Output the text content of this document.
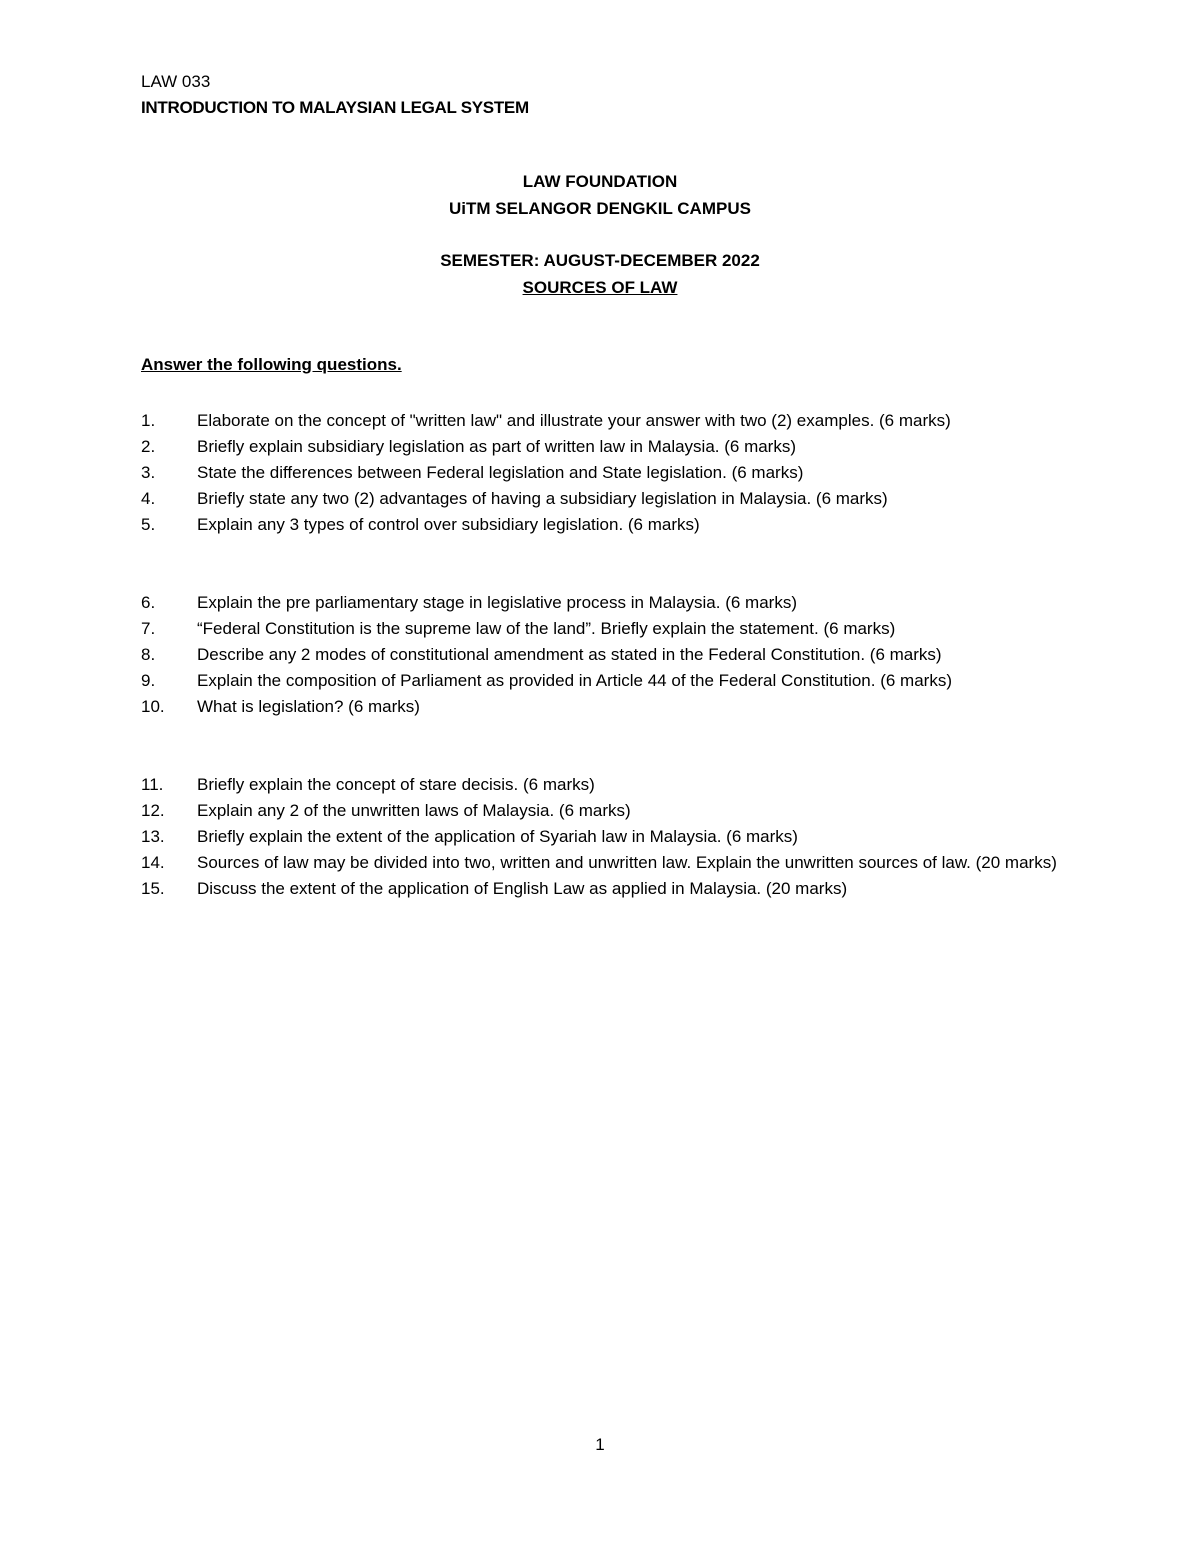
LAW 033
INTRODUCTION TO MALAYSIAN LEGAL SYSTEM
LAW FOUNDATION
UiTM SELANGOR DENGKIL CAMPUS
SEMESTER: AUGUST-DECEMBER 2022
SOURCES OF LAW
Answer the following questions.
1.	Elaborate on the concept of "written law" and illustrate your answer with two (2) examples. (6 marks)
2.	Briefly explain subsidiary legislation as part of written law in Malaysia. (6 marks)
3.	State the differences between Federal legislation and State legislation. (6 marks)
4.	Briefly state any two (2) advantages of having a subsidiary legislation in Malaysia. (6 marks)
5.	Explain any 3 types of control over subsidiary legislation. (6 marks)
6.	Explain the pre parliamentary stage in legislative process in Malaysia. (6 marks)
7.	“Federal Constitution is the supreme law of the land”. Briefly explain the statement. (6 marks)
8.	Describe any 2 modes of constitutional amendment as stated in the Federal Constitution. (6 marks)
9.	Explain the composition of Parliament as provided in Article 44 of the Federal Constitution. (6 marks)
10.	What is legislation? (6 marks)
11.	Briefly explain the concept of stare decisis. (6 marks)
12.	Explain any 2 of the unwritten laws of Malaysia. (6 marks)
13.	Briefly explain the extent of the application of Syariah law in Malaysia. (6 marks)
14.	Sources of law may be divided into two, written and unwritten law. Explain the unwritten sources of law. (20 marks)
15.	Discuss the extent of the application of English Law as applied in Malaysia. (20 marks)
1
